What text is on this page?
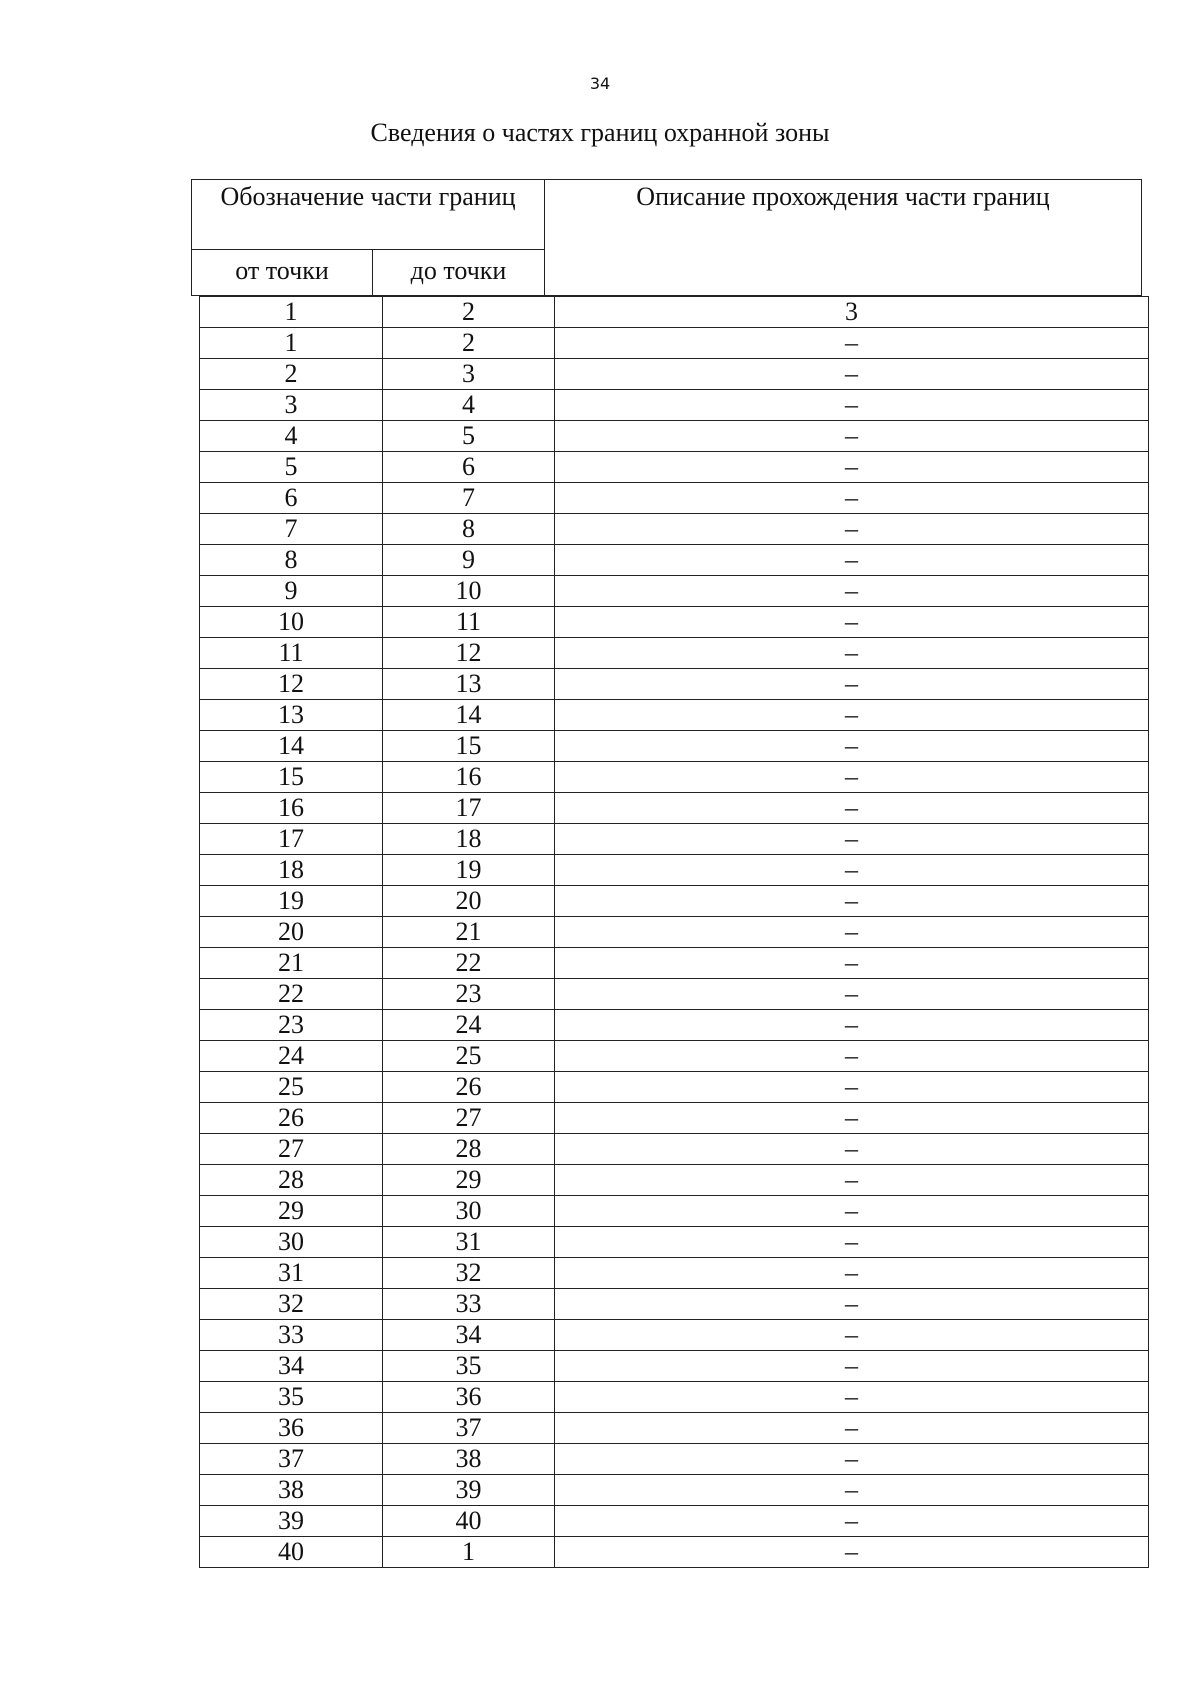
34
Сведения о частях границ охранной зоны
Обозначение части границ		Описание прохождения части границ

от точки	до точки	
1	2	3
1	2	–
2	3	–
3	4	–
4	5	–
5	6	–
6	7	–
7	8	–
8	9	–
9	10	–
10	11	–
11	12	–
12	13	–
13	14	–
14	15	–
15	16	–
16	17	–
17	18	–
18	19	–
19	20	–
20	21	–
21	22	–
22	23	–
23	24	–
24	25	–
25	26	–
26	27	–
27	28	–
28	29	–
29	30	–
30	31	–
31	32	–
32	33	–
33	34	–
34	35	–
35	36	–
36	37	–
37	38	–
38	39	–
39	40	–
40	1	–
